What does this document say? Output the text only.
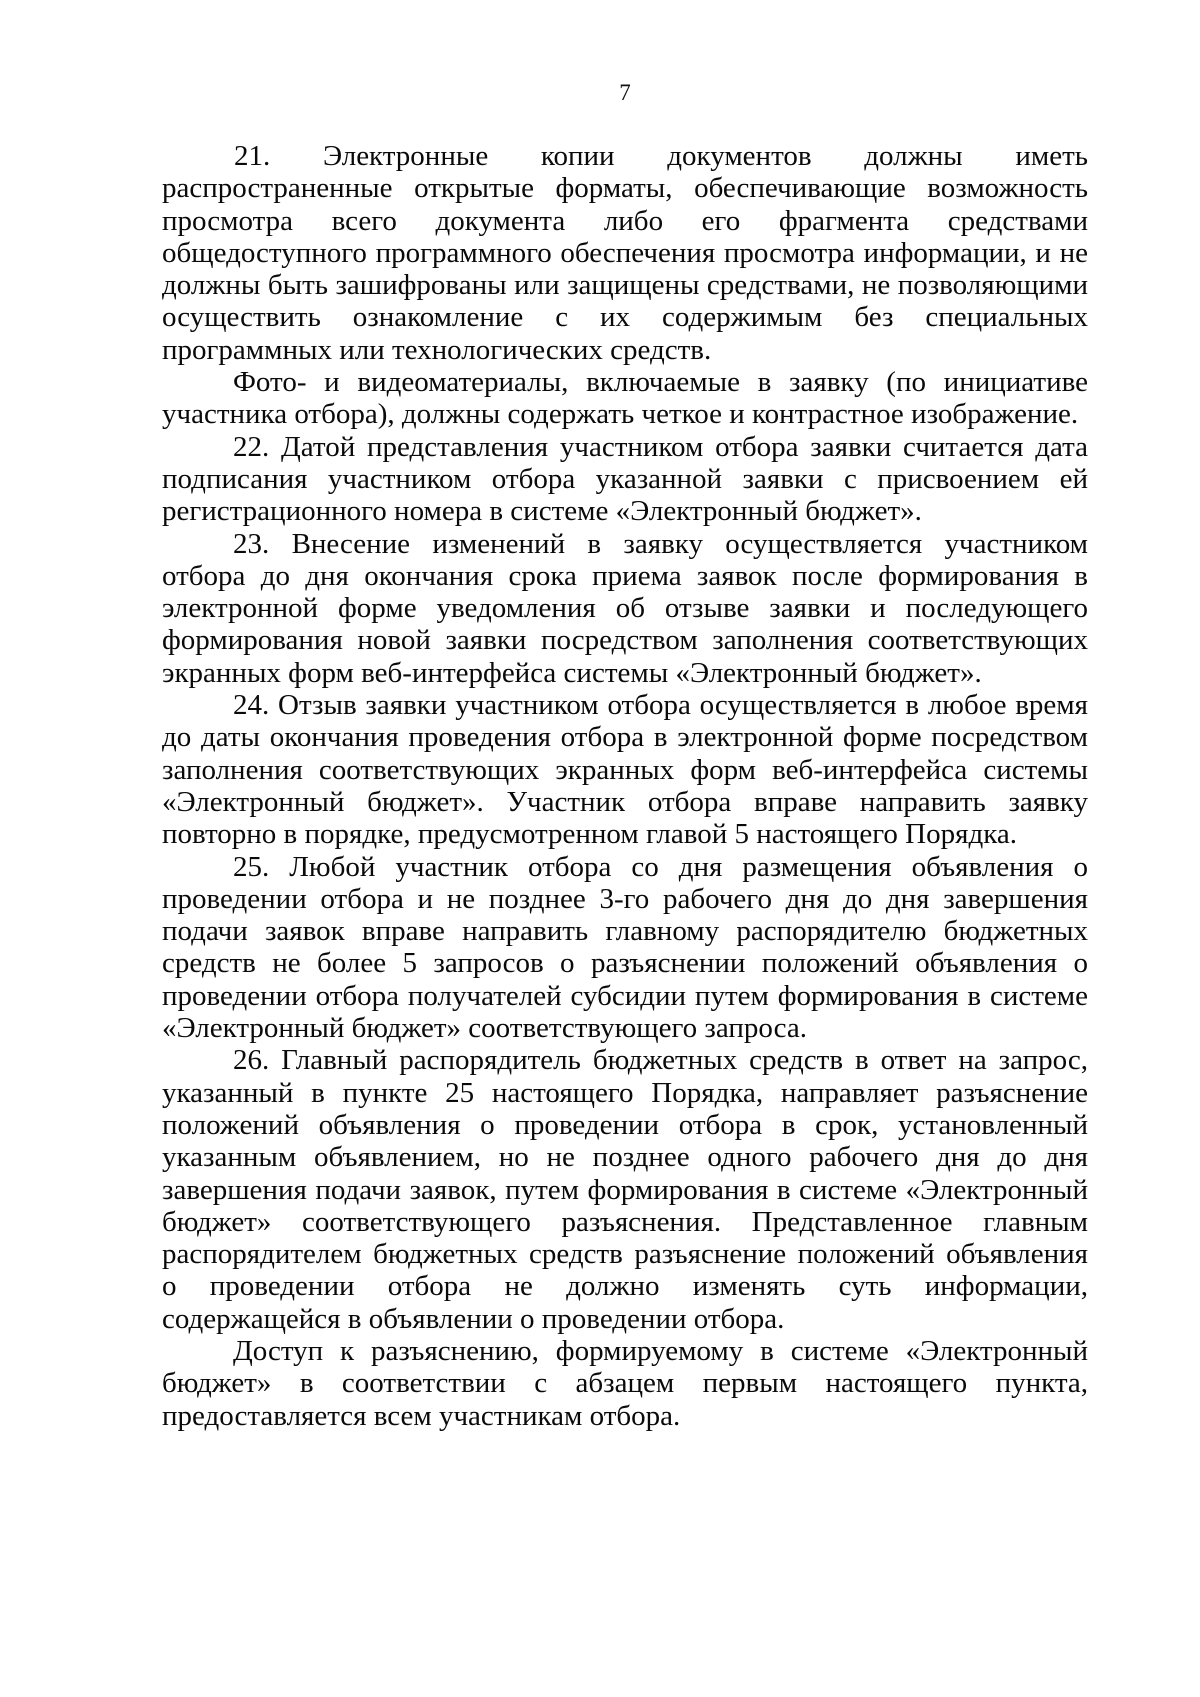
7

21. Электронные копии документов должны иметь распространенные открытые форматы, обеспечивающие возможность просмотра всего документа либо его фрагмента средствами общедоступного программного обеспечения просмотра информации, и не должны быть зашифрованы или защищены средствами, не позволяющими осуществить ознакомление с их содержимым без специальных программных или технологических средств.

Фото- и видеоматериалы, включаемые в заявку (по инициативе участника отбора), должны содержать четкое и контрастное изображение.

22. Датой представления участником отбора заявки считается дата подписания участником отбора указанной заявки с присвоением ей регистрационного номера в системе «Электронный бюджет».

23. Внесение изменений в заявку осуществляется участником отбора до дня окончания срока приема заявок после формирования в электронной форме уведомления об отзыве заявки и последующего формирования новой заявки посредством заполнения соответствующих экранных форм веб-интерфейса системы «Электронный бюджет».

24. Отзыв заявки участником отбора осуществляется в любое время до даты окончания проведения отбора в электронной форме посредством заполнения соответствующих экранных форм веб-интерфейса системы «Электронный бюджет». Участник отбора вправе направить заявку повторно в порядке, предусмотренном главой 5 настоящего Порядка.

25. Любой участник отбора со дня размещения объявления о проведении отбора и не позднее 3-го рабочего дня до дня завершения подачи заявок вправе направить главному распорядителю бюджетных средств не более 5 запросов о разъяснении положений объявления о проведении отбора получателей субсидии путем формирования в системе «Электронный бюджет» соответствующего запроса.

26. Главный распорядитель бюджетных средств в ответ на запрос, указанный в пункте 25 настоящего Порядка, направляет разъяснение положений объявления о проведении отбора в срок, установленный указанным объявлением, но не позднее одного рабочего дня до дня завершения подачи заявок, путем формирования в системе «Электронный бюджет» соответствующего разъяснения. Представленное главным распорядителем бюджетных средств разъяснение положений объявления о проведении отбора не должно изменять суть информации, содержащейся в объявлении о проведении отбора.

Доступ к разъяснению, формируемому в системе «Электронный бюджет» в соответствии с абзацем первым настоящего пункта, предоставляется всем участникам отбора.
